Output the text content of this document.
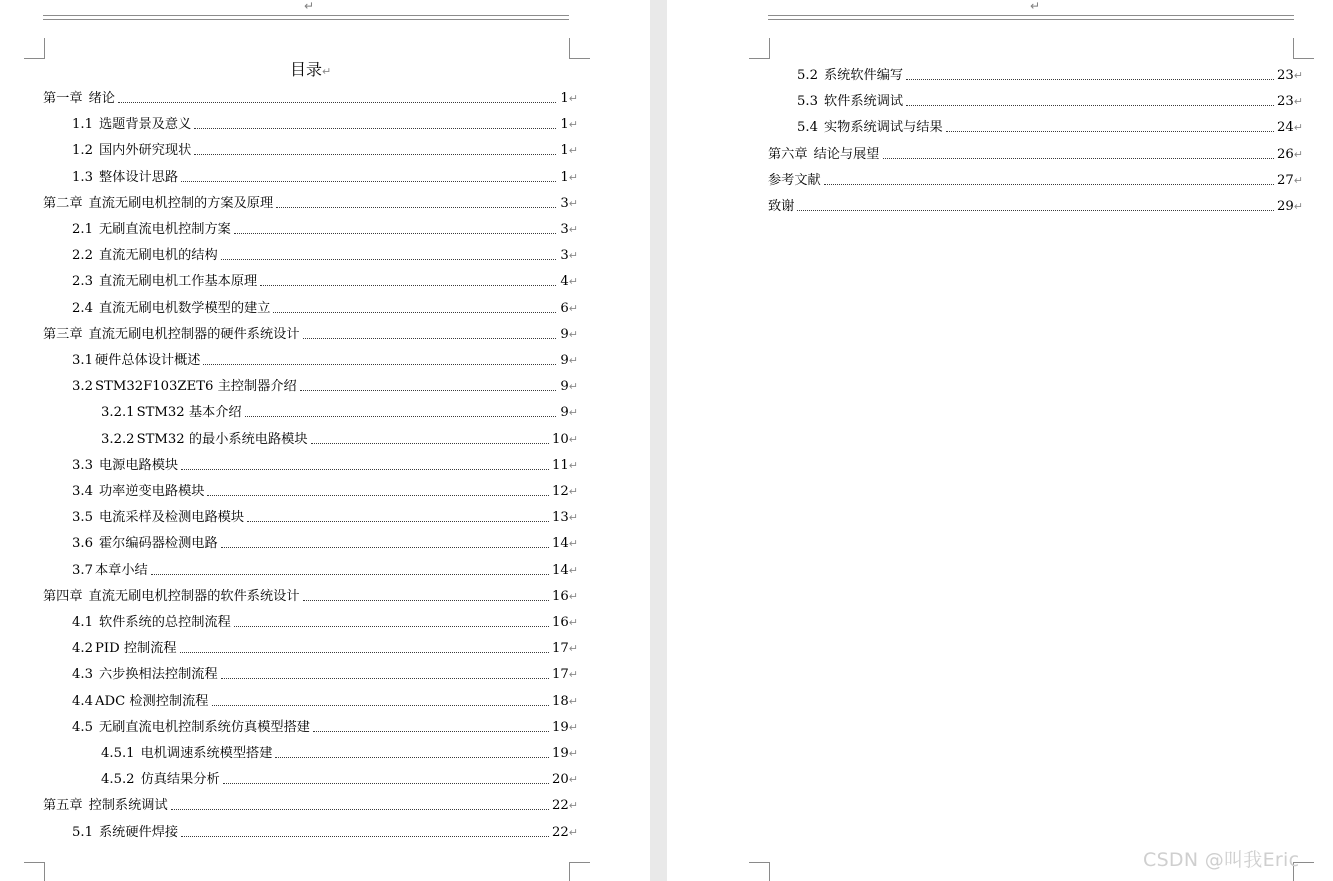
↵
目录↵
第一章 绪论	1 ↵
1.1 选题背景及意义	1 ↵
1.2 国内外研究现状	1 ↵
1.3 整体设计思路	1 ↵
第二章 直流无刷电机控制的方案及原理	3 ↵
2.1 无刷直流电机控制方案	3 ↵
2.2 直流无刷电机的结构	3 ↵
2.3 直流无刷电机工作基本原理	4 ↵
2.4 直流无刷电机数学模型的建立	6 ↵
第三章 直流无刷电机控制器的硬件系统设计	9 ↵
3.1 硬件总体设计概述	9 ↵
3.2 STM32F103ZET6 主控制器介绍	9 ↵
3.2.1 STM32 基本介绍	9 ↵
3.2.2 STM32 的最小系统电路模块	10 ↵
3.3 电源电路模块	11 ↵
3.4 功率逆变电路模块	12 ↵
3.5 电流采样及检测电路模块	13 ↵
3.6 霍尔编码器检测电路	14 ↵
3.7 本章小结	14 ↵
第四章 直流无刷电机控制器的软件系统设计	16 ↵
4.1 软件系统的总控制流程	16 ↵
4.2 PID 控制流程	17 ↵
4.3 六步换相法控制流程	17 ↵
4.4 ADC 检测控制流程	18 ↵
4.5 无刷直流电机控制系统仿真模型搭建	19 ↵
4.5.1 电机调速系统模型搭建	19 ↵
4.5.2 仿真结果分析	20 ↵
第五章 控制系统调试	22 ↵
5.1 系统硬件焊接	22 ↵
↵
5.2 系统软件编写	23 ↵
5.3 软件系统调试	23 ↵
5.4 实物系统调试与结果	24 ↵
第六章 结论与展望	26 ↵
参考文献	27 ↵
致谢	29 ↵
CSDN @叫我Eric
